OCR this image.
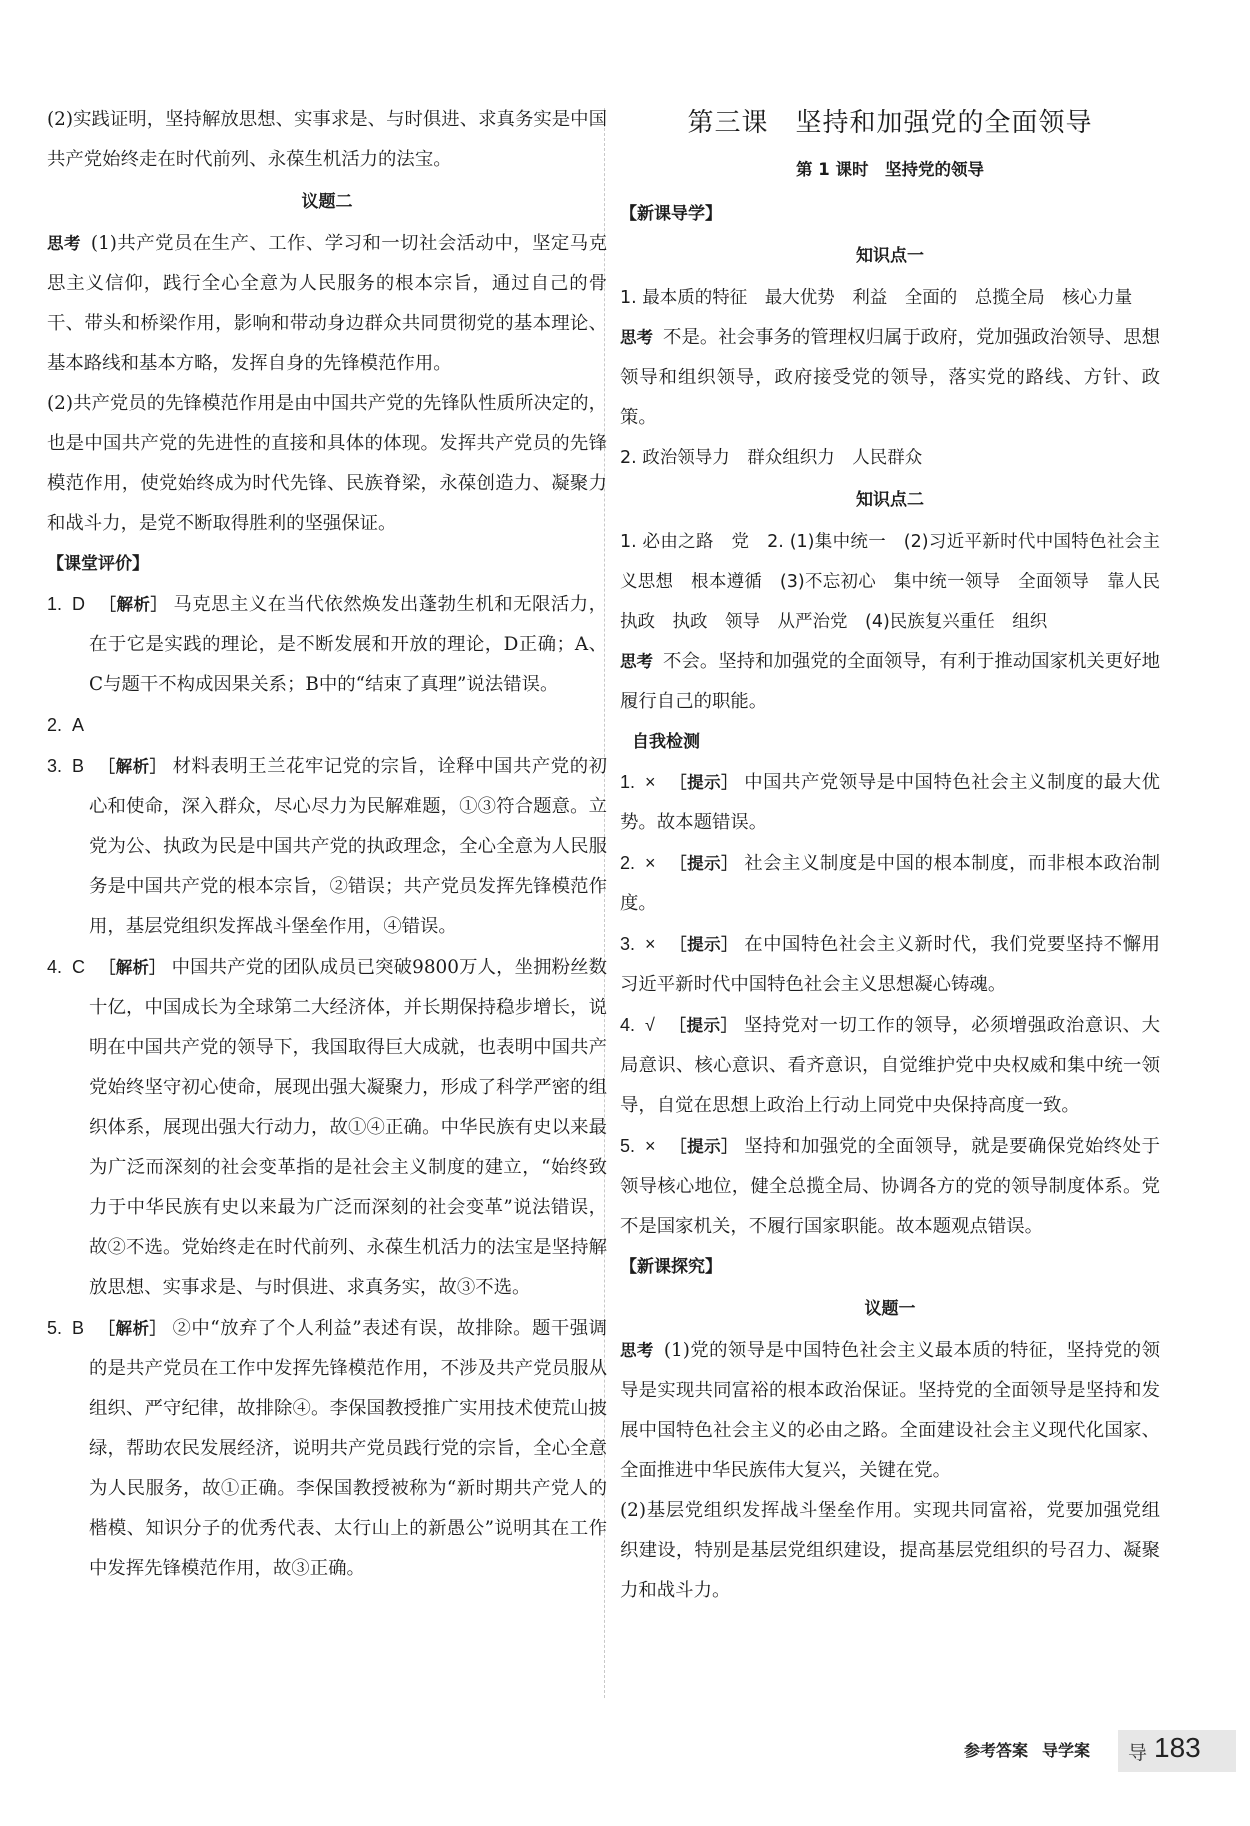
(2)实践证明，坚持解放思想、实事求是、与时俱进、求真务实是中国共产党始终走在时代前列、永葆生机活力的法宝。

议题二

思考 (1)共产党员在生产、工作、学习和一切社会活动中，坚定马克思主义信仰，践行全心全意为人民服务的根本宗旨，通过自己的骨干、带头和桥梁作用，影响和带动身边群众共同贯彻党的基本理论、基本路线和基本方略，发挥自身的先锋模范作用。

(2)共产党员的先锋模范作用是由中国共产党的先锋队性质所决定的，也是中国共产党的先进性的直接和具体的体现。发挥共产党员的先锋模范作用，使党始终成为时代先锋、民族脊梁，永葆创造力、凝聚力和战斗力，是党不断取得胜利的坚强保证。

【课堂评价】

1. D ［解析］ 马克思主义在当代依然焕发出蓬勃生机和无限活力，在于它是实践的理论，是不断发展和开放的理论，D正确；A、C与题干不构成因果关系；B中的“结束了真理”说法错误。

2. A

3. B ［解析］ 材料表明王兰花牢记党的宗旨，诠释中国共产党的初心和使命，深入群众，尽心尽力为民解难题，①③符合题意。立党为公、执政为民是中国共产党的执政理念，全心全意为人民服务是中国共产党的根本宗旨，②错误；共产党员发挥先锋模范作用，基层党组织发挥战斗堡垒作用，④错误。

4. C ［解析］ 中国共产党的团队成员已突破9800万人，坐拥粉丝数十亿，中国成长为全球第二大经济体，并长期保持稳步增长，说明在中国共产党的领导下，我国取得巨大成就，也表明中国共产党始终坚守初心使命，展现出强大凝聚力，形成了科学严密的组织体系，展现出强大行动力，故①④正确。中华民族有史以来最为广泛而深刻的社会变革指的是社会主义制度的建立，“始终致力于中华民族有史以来最为广泛而深刻的社会变革”说法错误，故②不选。党始终走在时代前列、永葆生机活力的法宝是坚持解放思想、实事求是、与时俱进、求真务实，故③不选。

5. B ［解析］ ②中“放弃了个人利益”表述有误，故排除。题干强调的是共产党员在工作中发挥先锋模范作用，不涉及共产党员服从组织、严守纪律，故排除④。李保国教授推广实用技术使荒山披绿，帮助农民发展经济，说明共产党员践行党的宗旨，全心全意为人民服务，故①正确。李保国教授被称为“新时期共产党人的楷模、知识分子的优秀代表、太行山上的新愚公”说明其在工作中发挥先锋模范作用，故③正确。

第三课　坚持和加强党的全面领导
第 1 课时　坚持党的领导
【新课导学】
知识点一

1. 最本质的特征　最大优势　利益　全面的　总揽全局　核心力量

思考 不是。社会事务的管理权归属于政府，党加强政治领导、思想领导和组织领导，政府接受党的领导，落实党的路线、方针、政策。

2. 政治领导力　群众组织力　人民群众

知识点二

1. 必由之路　党　2. (1)集中统一　(2)习近平新时代中国特色社会主义思想　根本遵循　(3)不忘初心　集中统一领导　全面领导　靠人民执政　执政　领导　从严治党　(4)民族复兴重任　组织

思考 不会。坚持和加强党的全面领导，有利于推动国家机关更好地履行自己的职能。

自我检测

1. × ［提示］ 中国共产党领导是中国特色社会主义制度的最大优势。故本题错误。

2. × ［提示］ 社会主义制度是中国的根本制度，而非根本政治制度。

3. × ［提示］ 在中国特色社会主义新时代，我们党要坚持不懈用习近平新时代中国特色社会主义思想凝心铸魂。

4. √ ［提示］ 坚持党对一切工作的领导，必须增强政治意识、大局意识、核心意识、看齐意识，自觉维护党中央权威和集中统一领导，自觉在思想上政治上行动上同党中央保持高度一致。

5. × ［提示］ 坚持和加强党的全面领导，就是要确保党始终处于领导核心地位，健全总揽全局、协调各方的党的领导制度体系。党不是国家机关，不履行国家职能。故本题观点错误。

【新课探究】
议题一

思考 (1)党的领导是中国特色社会主义最本质的特征，坚持党的领导是实现共同富裕的根本政治保证。坚持党的全面领导是坚持和发展中国特色社会主义的必由之路。全面建设社会主义现代化国家、全面推进中华民族伟大复兴，关键在党。

(2)基层党组织发挥战斗堡垒作用。实现共同富裕，党要加强党组织建设，特别是基层党组织建设，提高基层党组织的号召力、凝聚力和战斗力。

参考答案 导学案	导 183
